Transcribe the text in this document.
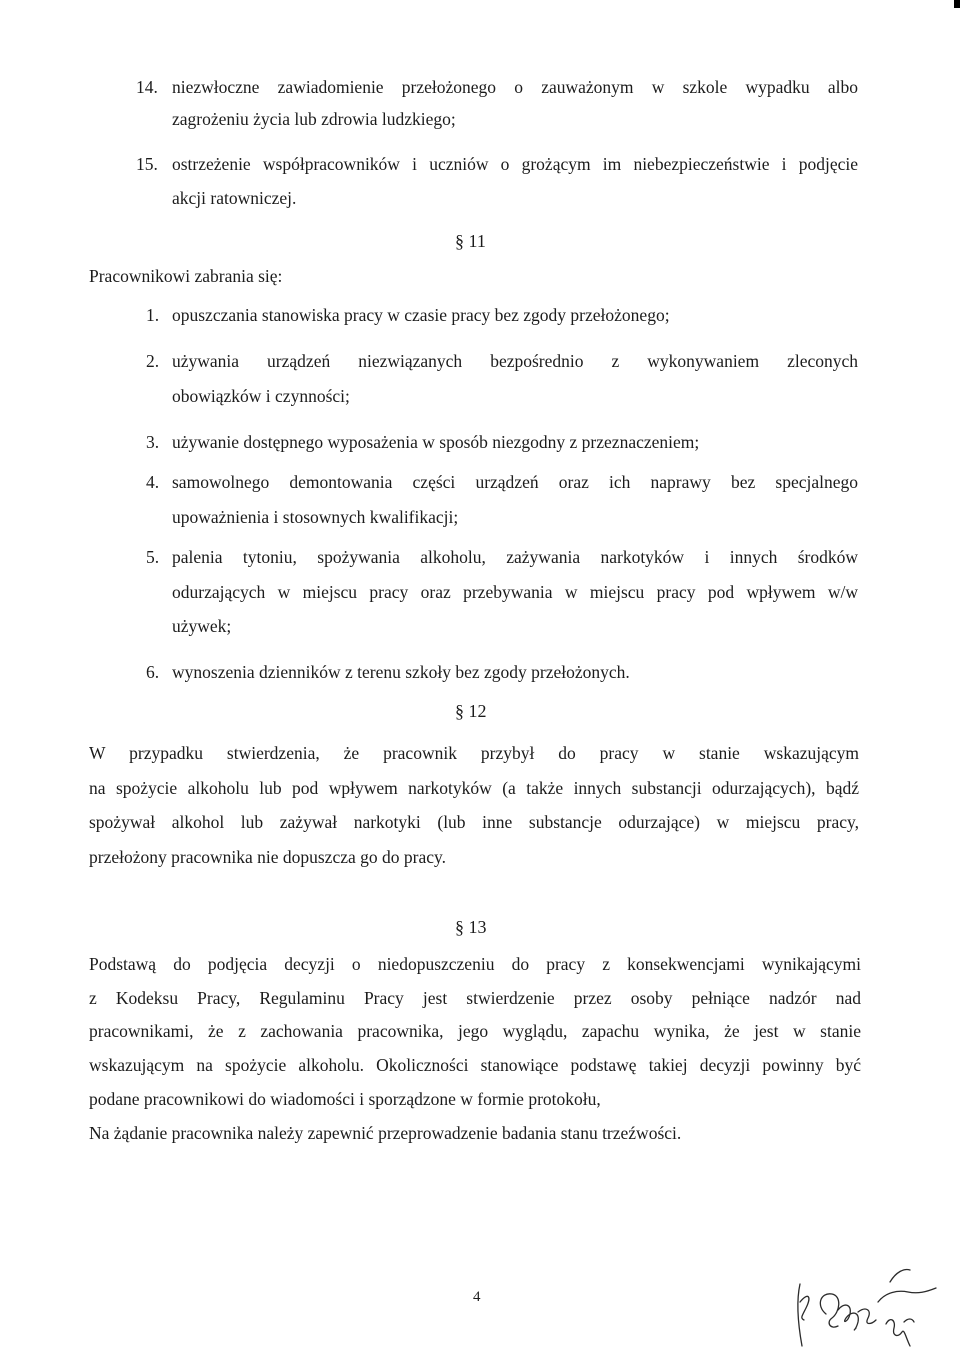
14. niezwłoczne zawiadomienie przełożonego o zauważonym w szkole wypadku albo
zagrożeniu życia lub zdrowia ludzkiego;
15. ostrzeżenie współpracowników i uczniów o grożącym im niebezpieczeństwie i podjęcie
akcji ratowniczej.
§ 11
Pracownikowi zabrania się:
1. opuszczania stanowiska pracy w czasie pracy bez zgody przełożonego;
2. używania urządzeń niezwiązanych bezpośrednio z wykonywaniem zleconych
obowiązków i czynności;
3. używanie dostępnego wyposażenia w sposób niezgodny z przeznaczeniem;
4. samowolnego demontowania części urządzeń oraz ich naprawy bez specjalnego
upoważnienia i stosownych kwalifikacji;
5. palenia tytoniu, spożywania alkoholu, zażywania narkotyków i innych środków
odurzających w miejscu pracy oraz przebywania w miejscu pracy pod wpływem w/w
używek;
6. wynoszenia dzienników z terenu szkoły bez zgody przełożonych.
§ 12
W przypadku stwierdzenia, że pracownik przybył do pracy w stanie wskazującym
na spożycie alkoholu lub pod wpływem narkotyków (a także innych substancji odurzających), bądź
spożywał alkohol lub zażywał narkotyki (lub inne substancje odurzające) w miejscu pracy,
przełożony pracownika nie dopuszcza go do pracy.
§ 13
Podstawą do podjęcia decyzji o niedopuszczeniu do pracy z konsekwencjami wynikającymi
z Kodeksu Pracy, Regulaminu Pracy jest stwierdzenie przez osoby pełniące nadzór nad
pracownikami, że z zachowania pracownika, jego wyglądu, zapachu wynika, że jest w stanie
wskazującym na spożycie alkoholu. Okoliczności stanowiące podstawę takiej decyzji powinny być
podane pracownikowi do wiadomości i sporządzone w formie protokołu,
Na żądanie pracownika należy zapewnić przeprowadzenie badania stanu trzeźwości.
4
